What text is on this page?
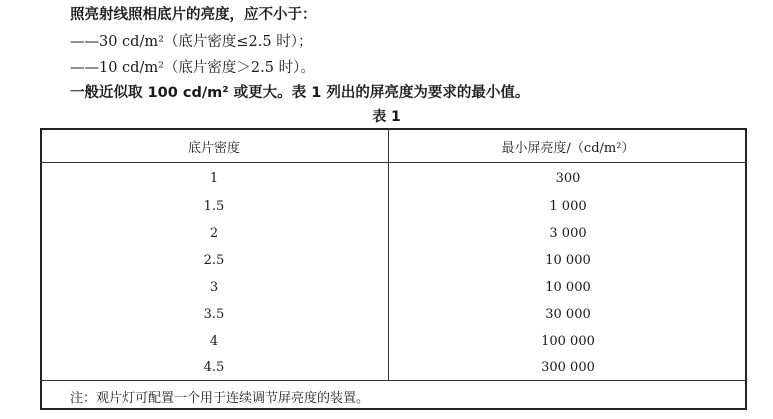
照亮射线照相底片的亮度，应不小于：
——30 cd/m²（底片密度≤2.5 时）；
——10 cd/m²（底片密度＞2.5 时）。
一般近似取 100 cd/m² 或更大。表 1 列出的屏亮度为要求的最小值。
表 1
底片密度	最小屏亮度/（cd/m²）
1	300
1.5	1 000
2	3 000
2.5	10 000
3	10 000
3.5	30 000
4	100 000
4.5	300 000
注：观片灯可配置一个用于连续调节屏亮度的装置。
